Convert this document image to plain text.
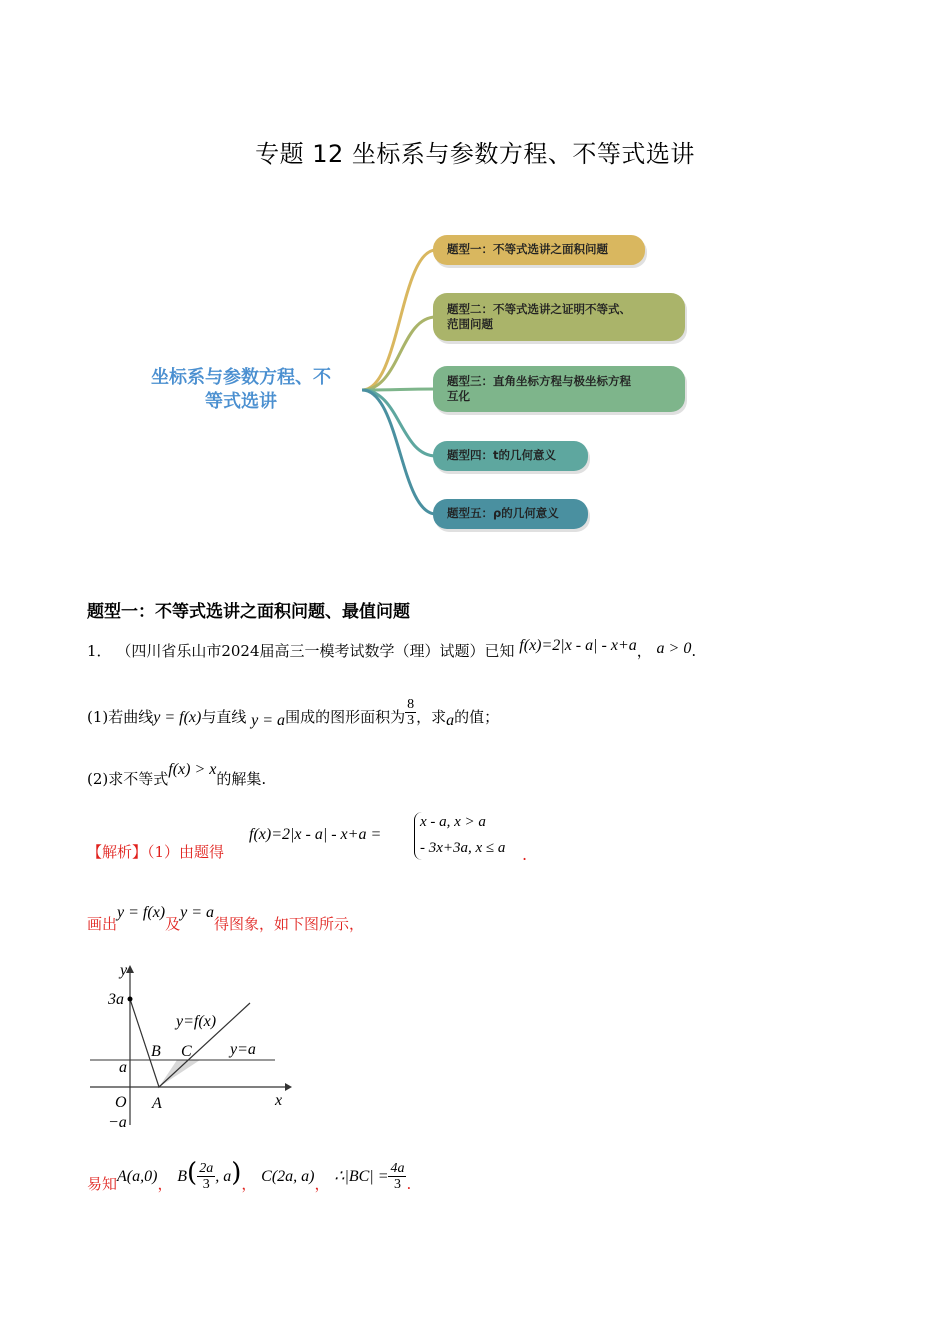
专题 12 坐标系与参数方程、不等式选讲
坐标系与参数方程、不
等式选讲
题型一：不等式选讲之面积问题
题型二：不等式选讲之证明不等式、
范围问题
题型三：直角坐标方程与极坐标方程
互化
题型四：t的几何意义
题型五：ρ的几何意义
题型一：不等式选讲之面积问题、最值问题
1． （四川省乐山市2024届高三一模考试数学（理）试题）已知 f(x)=2|x - a| - x+a， a > 0.
(1)若曲线y = f(x)与直线 y = a围成的图形面积为 $\frac{8}{3}$ ，求a的值；
(2)求不等式f(x) > x的解集.
【解析】（1）由题得
f(x)=2|x - a| - x+a =
x - a, x > a
- 3x+3a, x ≤ a .
画出y = f(x)及y = a得图象，如下图所示，
y
x
3a
a
O
−a
B C
A
y=f(x)
y=a
易知A(a,0)， $B( \frac{2a}{3}$ , a)， C(2a, a)， ∴|BC| = $\frac{4a}{3}$ .
